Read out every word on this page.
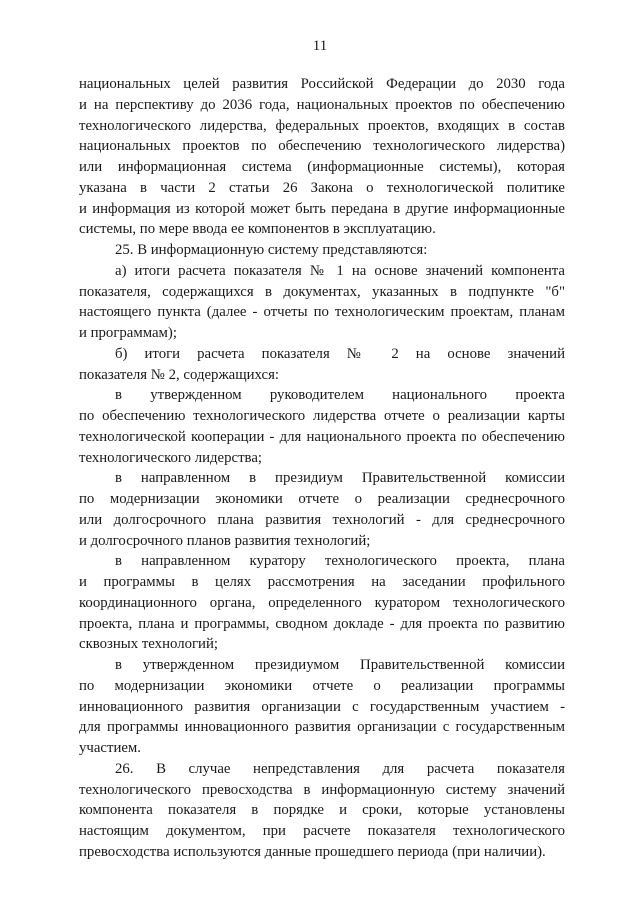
11
национальных целей развития Российской Федерации до 2030 года
и на перспективу до 2036 года, национальных проектов по обеспечению
технологического лидерства, федеральных проектов, входящих в состав
национальных проектов по обеспечению технологического лидерства)
или информационная система (информационные системы), которая
указана в части 2 статьи 26 Закона о технологической политике
и информация из которой может быть передана в другие информационные
системы, по мере ввода ее компонентов в эксплуатацию.
25. В информационную систему представляются:
а) итоги расчета показателя № 1 на основе значений компонента
показателя, содержащихся в документах, указанных в подпункте "б"
настоящего пункта (далее - отчеты по технологическим проектам, планам
и программам);
б) итоги расчета показателя № 2 на основе значений
показателя № 2, содержащихся:
в утвержденном руководителем национального проекта
по обеспечению технологического лидерства отчете о реализации карты
технологической кооперации - для национального проекта по обеспечению
технологического лидерства;
в направленном в президиум Правительственной комиссии
по модернизации экономики отчете о реализации среднесрочного
или долгосрочного плана развития технологий - для среднесрочного
и долгосрочного планов развития технологий;
в направленном куратору технологического проекта, плана
и программы в целях рассмотрения на заседании профильного
координационного органа, определенного куратором технологического
проекта, плана и программы, сводном докладе - для проекта по развитию
сквозных технологий;
в утвержденном президиумом Правительственной комиссии
по модернизации экономики отчете о реализации программы
инновационного развития организации с государственным участием -
для программы инновационного развития организации с государственным
участием.
26. В случае непредставления для расчета показателя
технологического превосходства в информационную систему значений
компонента показателя в порядке и сроки, которые установлены
настоящим документом, при расчете показателя технологического
превосходства используются данные прошедшего периода (при наличии).
